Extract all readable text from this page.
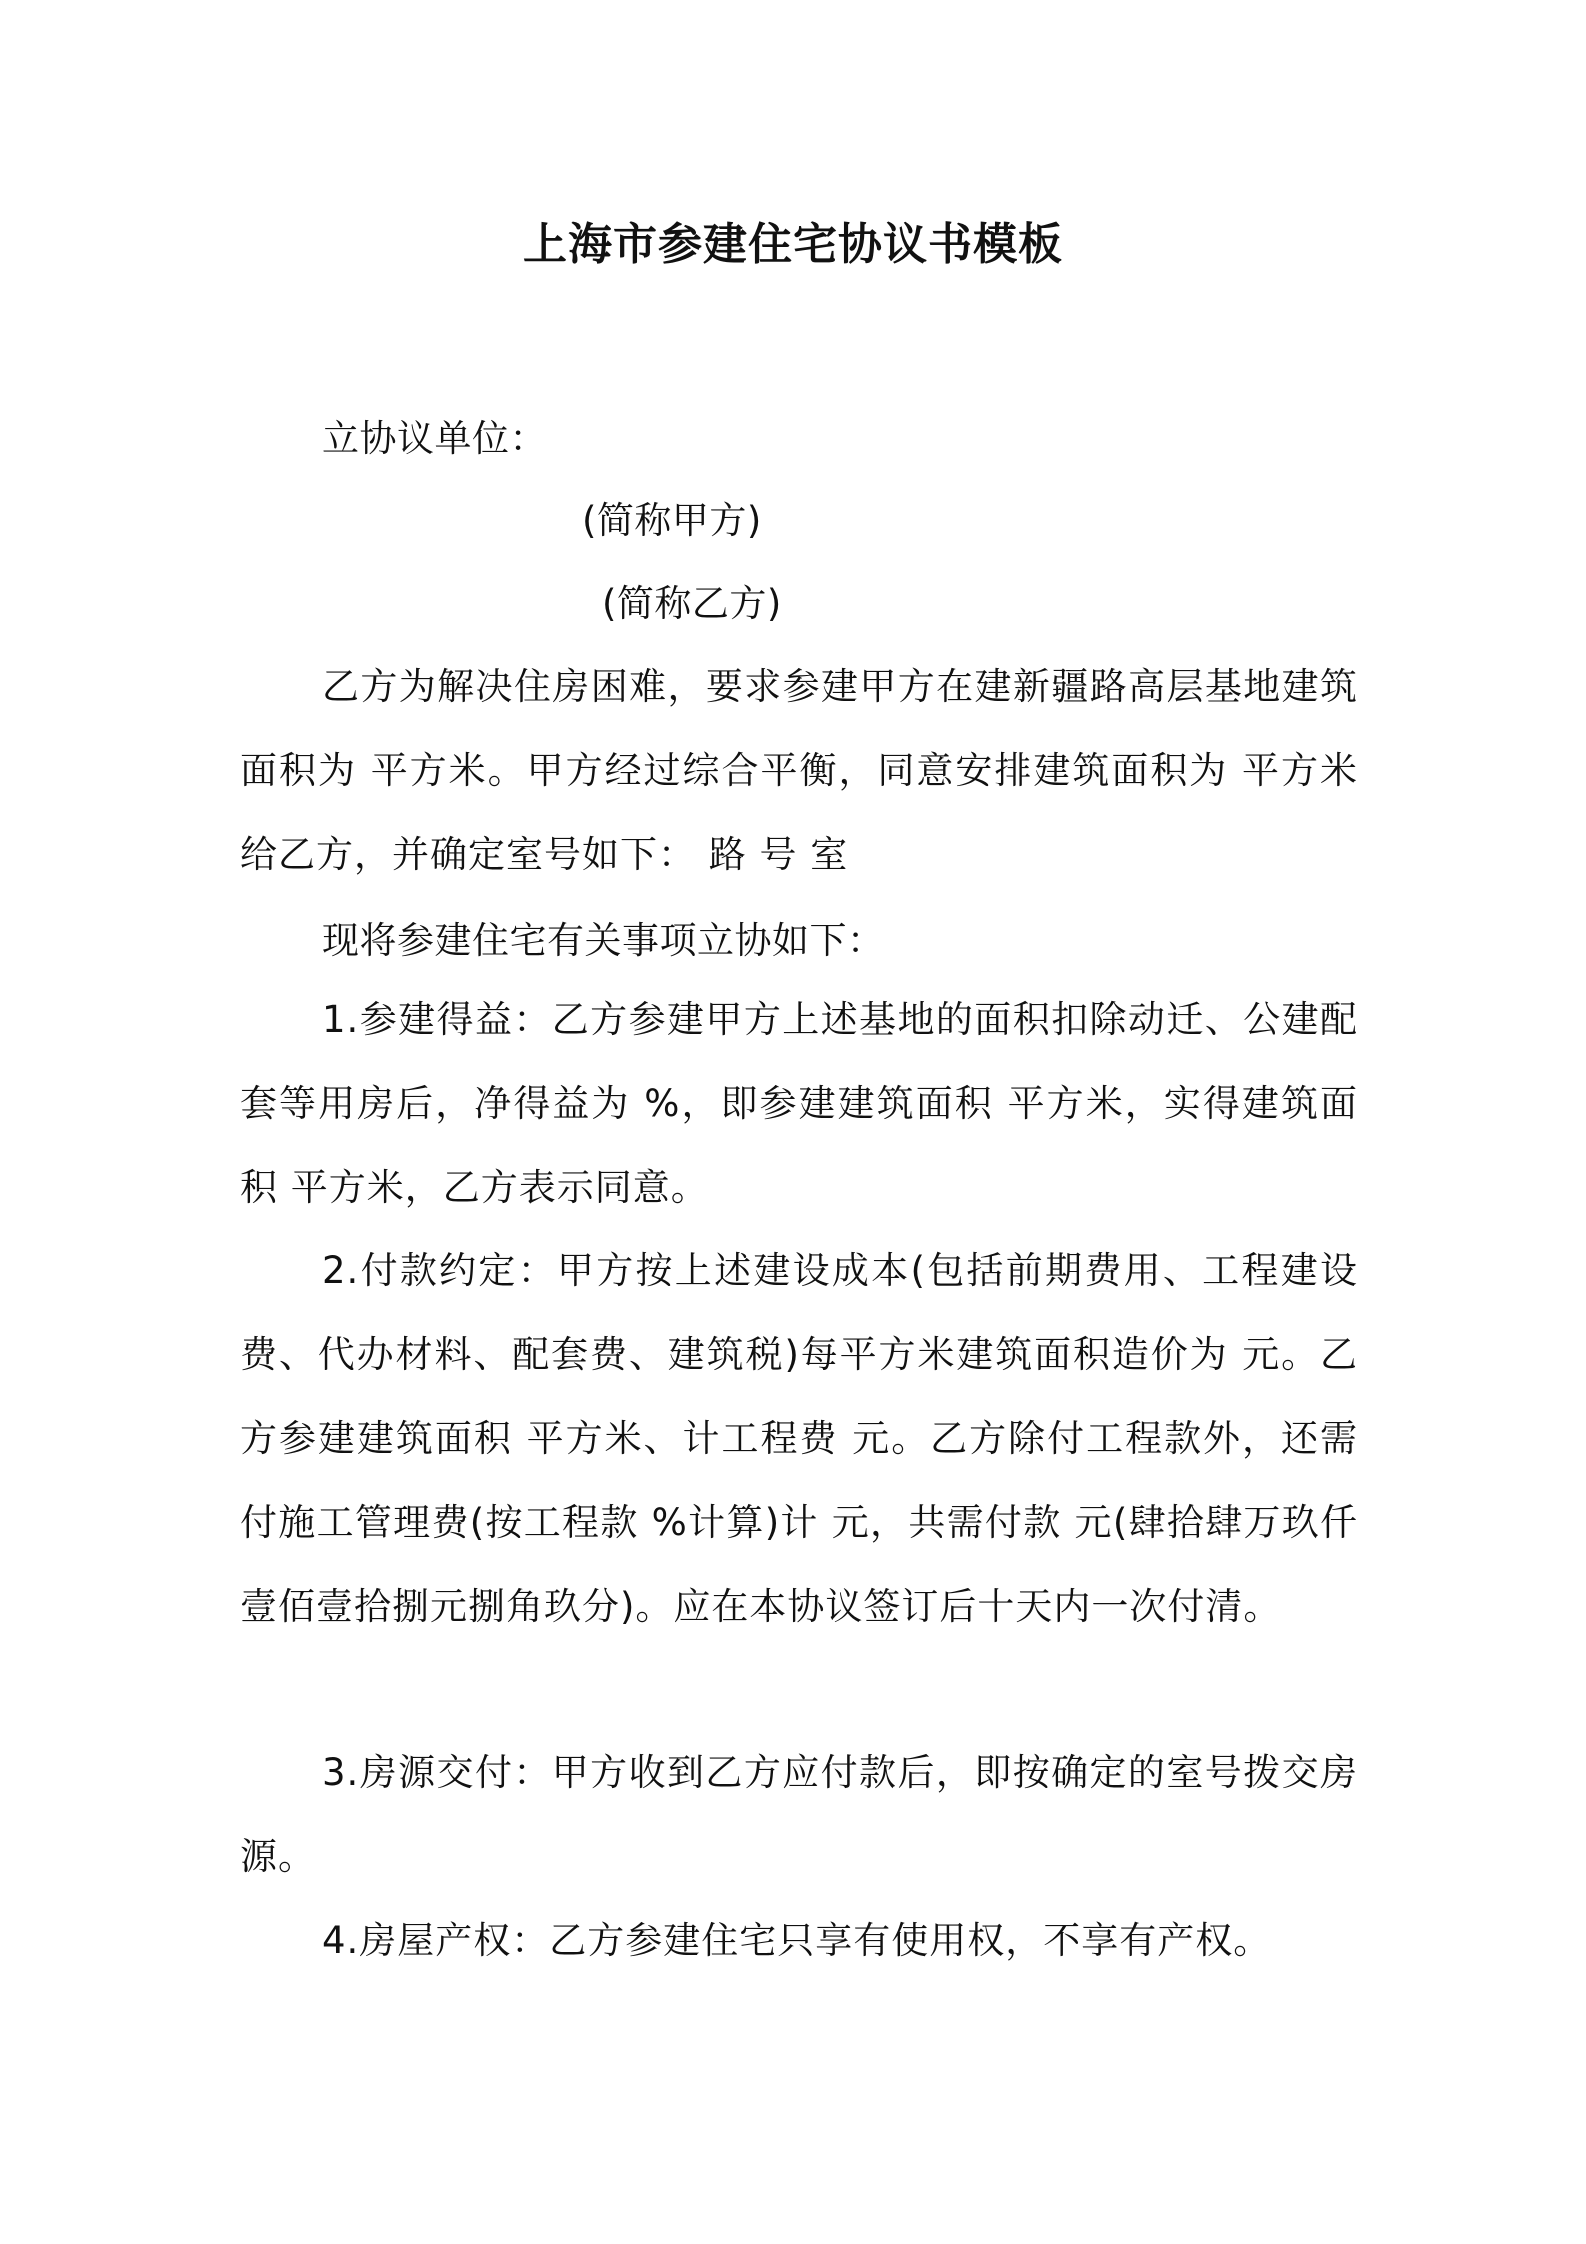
上海市参建住宅协议书模板
立协议单位：
(简称甲方)
(简称乙方)
乙方为解决住房困难，要求参建甲方在建新疆路高层基地建筑面积为 平方米。甲方经过综合平衡，同意安排建筑面积为 平方米给乙方，并确定室号如下： 路 号 室
现将参建住宅有关事项立协如下：
1.参建得益：乙方参建甲方上述基地的面积扣除动迁、公建配套等用房后，净得益为 %，即参建建筑面积 平方米，实得建筑面积 平方米，乙方表示同意。
2.付款约定：甲方按上述建设成本(包括前期费用、工程建设费、代办材料、配套费、建筑税)每平方米建筑面积造价为 元。乙方参建建筑面积 平方米、计工程费 元。乙方除付工程款外，还需付施工管理费(按工程款 %计算)计 元，共需付款 元(肆拾肆万玖仟壹佰壹拾捌元捌角玖分)。应在本协议签订后十天内一次付清。
3.房源交付：甲方收到乙方应付款后，即按确定的室号拨交房源。
4.房屋产权：乙方参建住宅只享有使用权，不享有产权。
